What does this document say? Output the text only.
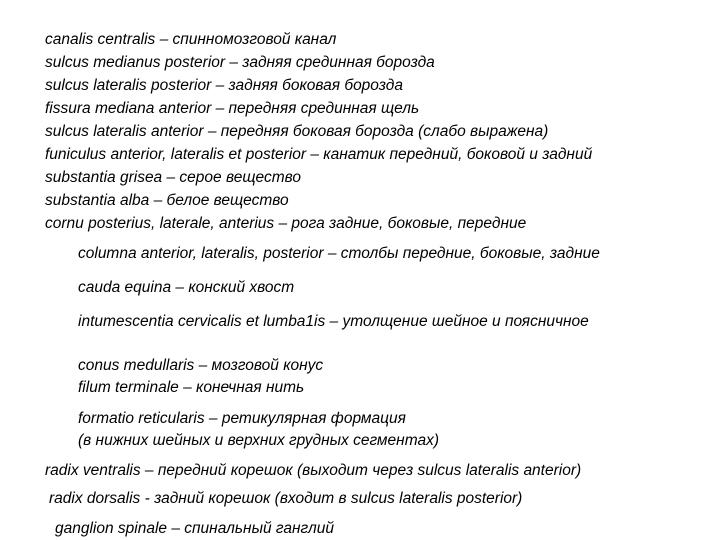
canalis centralis – спинномозговой канал
sulcus medianus posterior – задняя срединная борозда
sulcus lateralis posterior – задняя боковая борозда
fissura mediana anterior – передняя срединная щель
sulcus lateralis anterior – передняя боковая борозда (слабо выражена)
funiculus anterior, lateralis et posterior – канатик передний, боковой и задний
substantia grisea – серое вещество
substantia alba – белое вещество
cornu posterius, laterale, anterius – рога задние, боковые, передние
columna anterior, lateralis, posterior – столбы передние, боковые, задние
cauda equina – конский хвост
intumescentia cervicalis et lumba1is – утолщение шейное и поясничное
conus medullaris – мозговой конус
filum terminale – конечная нить
formatio reticularis – ретикулярная формация
(в нижних шейных и верхних грудных сегментах)
radix ventralis – передний корешок (выходит через sulcus lateralis anterior)
radix dorsalis - задний корешок (входит в sulcus lateralis posterior)
ganglion spinale – спинальный ганглий
